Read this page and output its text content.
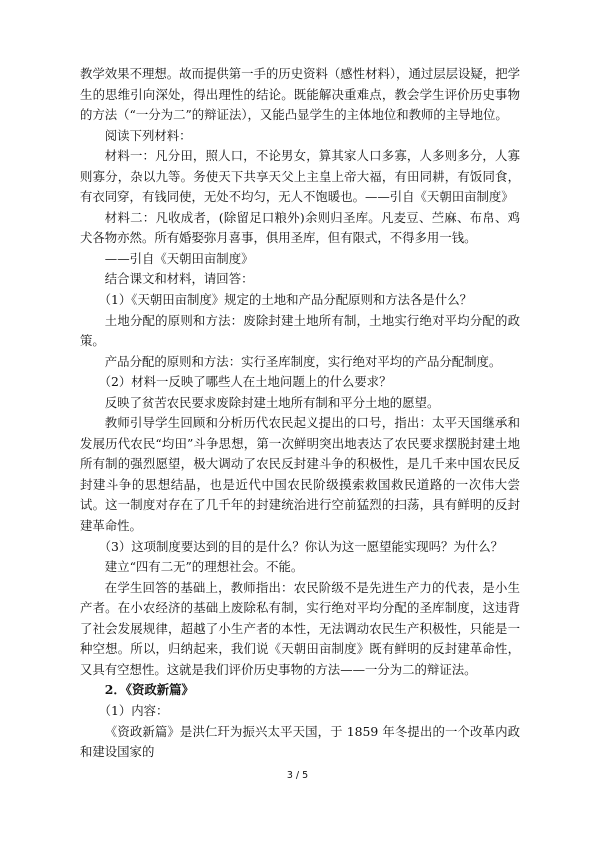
教学效果不理想。故而提供第一手的历史资料（感性材料），通过层层设疑，把学生的思维引向深处，得出理性的结论。既能解决重难点，教会学生评价历史事物的方法（“一分为二”的辩证法），又能凸显学生的主体地位和教师的主导地位。

阅读下列材料：

材料一：凡分田，照人口，不论男女，算其家人口多寡，人多则多分，人寡则寡分，杂以九等。务使天下共享天父上主皇上帝大福，有田同耕，有饭同食，有衣同穿，有钱同使，无处不均匀，无人不饱暖也。——引自《天朝田亩制度》

材料二：凡收成者，(除留足口粮外)余则归圣库。凡麦豆、苎麻、布帛、鸡犬各物亦然。所有婚娶弥月喜事，俱用圣库，但有限式，不得多用一钱。

——引自《天朝田亩制度》

结合课文和材料，请回答：

（1）《天朝田亩制度》规定的土地和产品分配原则和方法各是什么？

土地分配的原则和方法：废除封建土地所有制，土地实行绝对平均分配的政策。

产品分配的原则和方法：实行圣库制度，实行绝对平均的产品分配制度。

（2）材料一反映了哪些人在土地问题上的什么要求？

反映了贫苦农民要求废除封建土地所有制和平分土地的愿望。

教师引导学生回顾和分析历代农民起义提出的口号，指出：太平天国继承和发展历代农民“均田”斗争思想，第一次鲜明突出地表达了农民要求摆脱封建土地所有制的强烈愿望，极大调动了农民反封建斗争的积极性，是几千来中国农民反封建斗争的思想结晶，也是近代中国农民阶级摸索救国救民道路的一次伟大尝试。这一制度对存在了几千年的封建统治进行空前猛烈的扫荡，具有鲜明的反封建革命性。

（3）这项制度要达到的目的是什么？你认为这一愿望能实现吗？为什么？

建立“四有二无”的理想社会。不能。

在学生回答的基础上，教师指出：农民阶级不是先进生产力的代表，是小生产者。在小农经济的基础上废除私有制，实行绝对平均分配的圣库制度，这违背了社会发展规律，超越了小生产者的本性，无法调动农民生产积极性，只能是一种空想。所以，归纳起来，我们说《天朝田亩制度》既有鲜明的反封建革命性，又具有空想性。这就是我们评价历史事物的方法——一分为二的辩证法。

2．《资政新篇》

（1）内容：

《资政新篇》是洪仁玕为振兴太平天国，于 1859 年冬提出的一个改革内政和建设国家的

3 / 5
